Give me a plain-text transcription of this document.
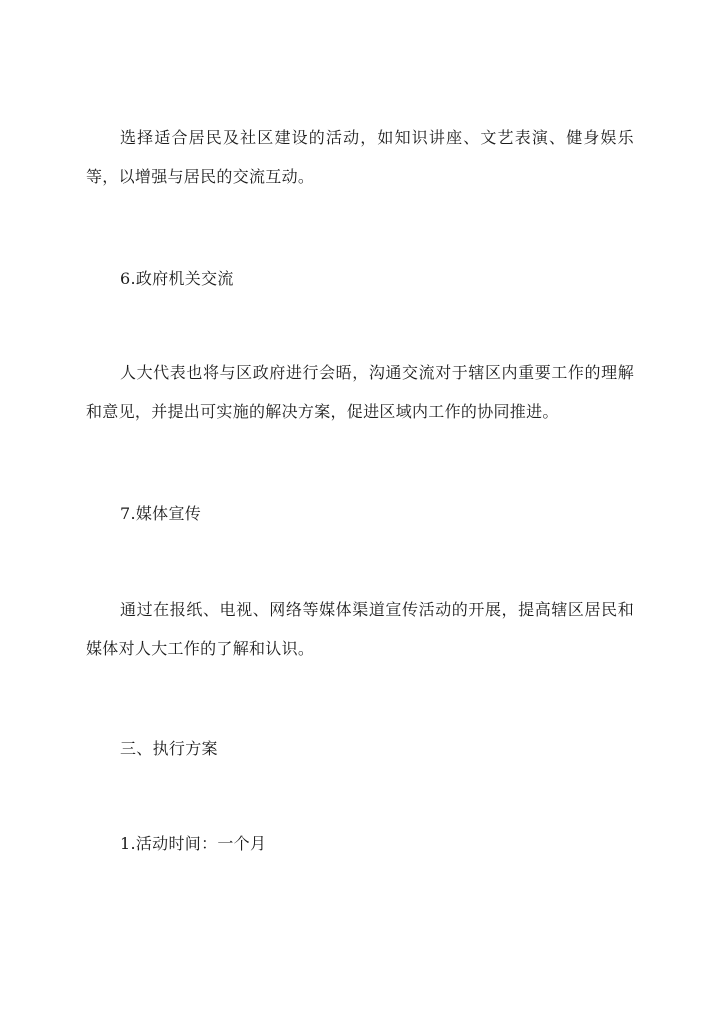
选择适合居民及社区建设的活动，如知识讲座、文艺表演、健身娱乐等，以增强与居民的交流互动。

6.政府机关交流

人大代表也将与区政府进行会晤，沟通交流对于辖区内重要工作的理解和意见，并提出可实施的解决方案，促进区域内工作的协同推进。

7.媒体宣传

通过在报纸、电视、网络等媒体渠道宣传活动的开展，提高辖区居民和媒体对人大工作的了解和认识。

三、执行方案

1.活动时间：一个月
